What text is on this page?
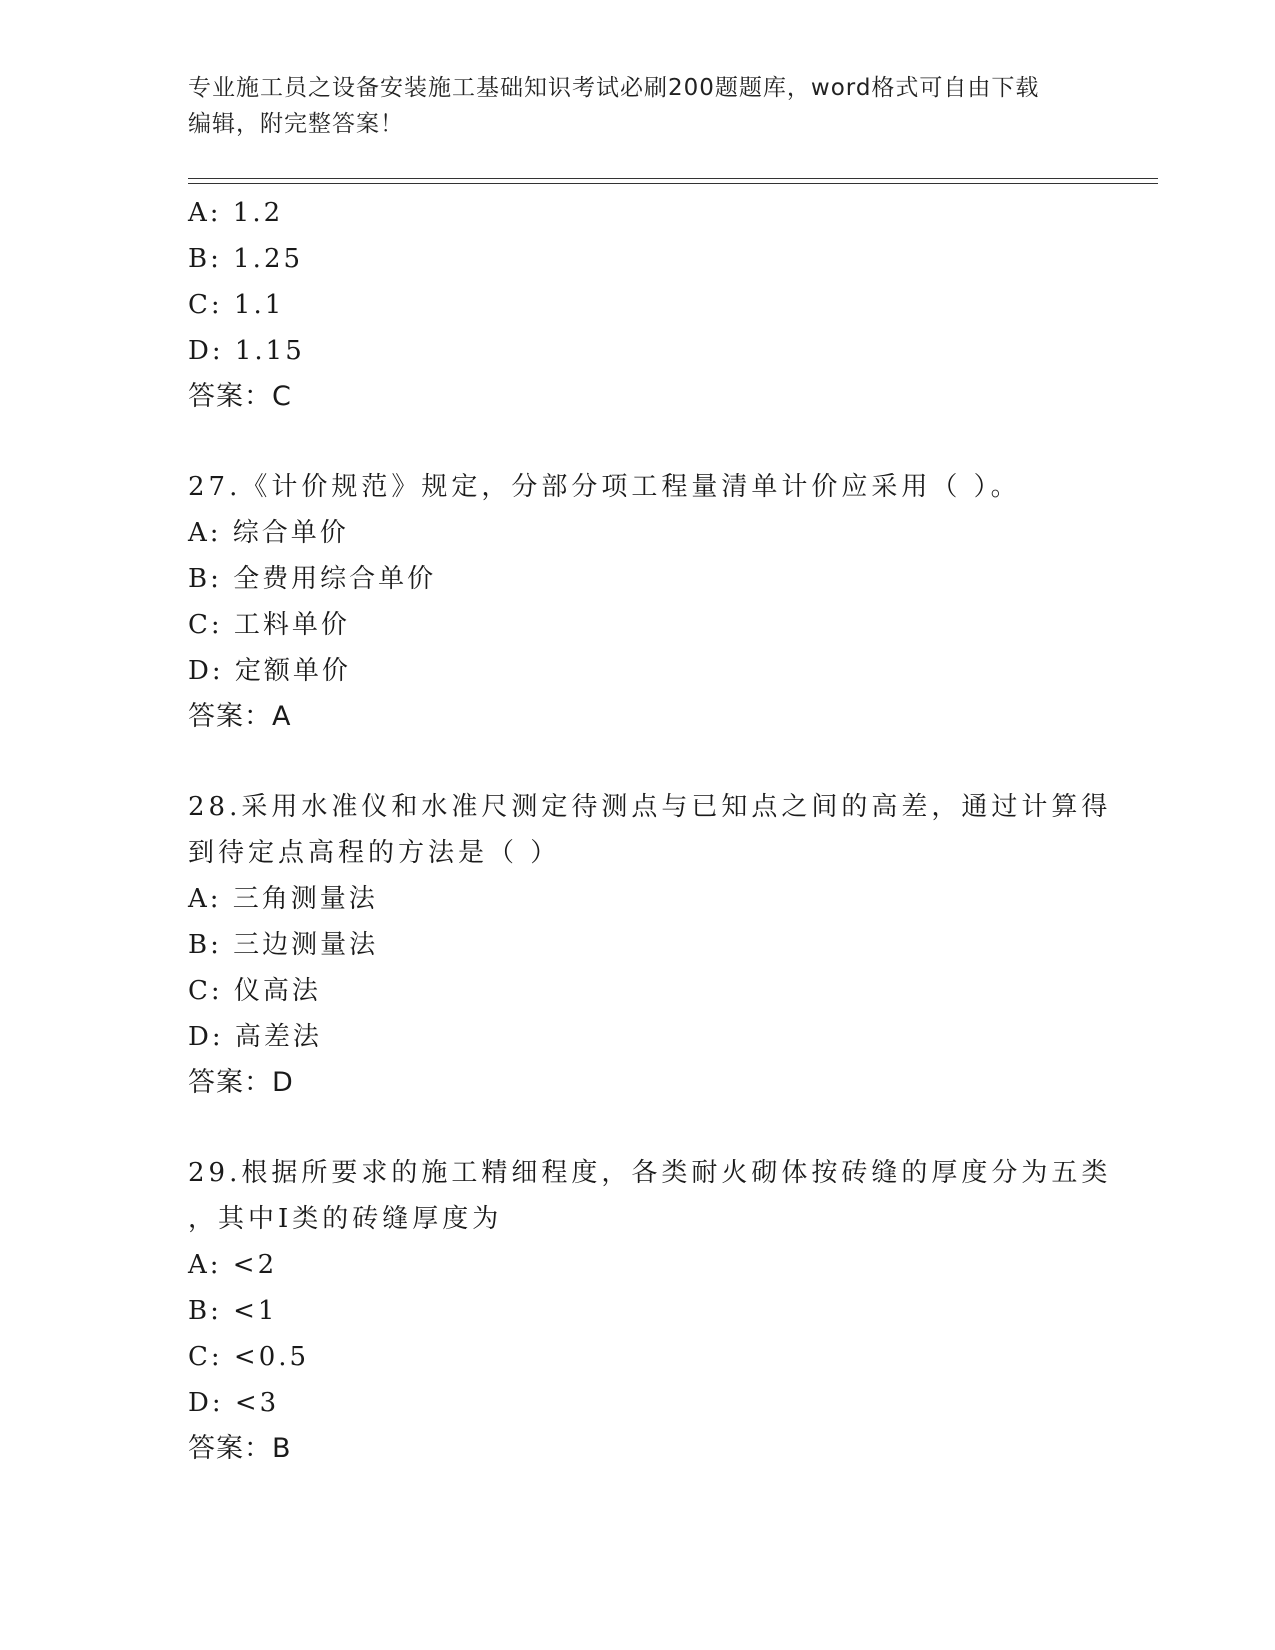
专业施工员之设备安装施工基础知识考试必刷200题题库，word格式可自由下载
编辑，附完整答案！
A: 1.2
B: 1.25
C: 1.1
D: 1.15
答案：C
27.《计价规范》规定，分部分项工程量清单计价应采用（ ）。
A: 综合单价
B: 全费用综合单价
C: 工料单价
D: 定额单价
答案：A
28.采用水准仪和水准尺测定待测点与已知点之间的高差，通过计算得
到待定点高程的方法是（ ）
A: 三角测量法
B: 三边测量法
C: 仪高法
D: 高差法
答案：D
29.根据所要求的施工精细程度，各类耐火砌体按砖缝的厚度分为五类
，其中Ⅰ类的砖缝厚度为
A: <2
B: <1
C: <0.5
D: <3
答案：B
